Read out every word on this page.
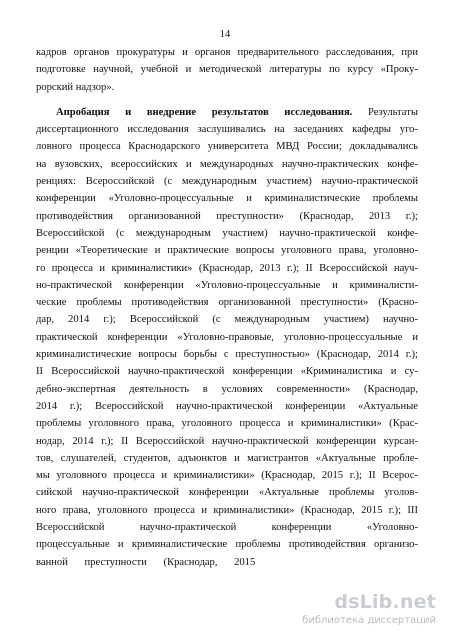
14
кадров органов прокуратуры и органов предварительного расследования, при
подготовке научной, учебной и методической литературы по курсу «Проку-
рорский надзор».
Апробация и внедрение результатов исследования. Результаты
диссертационного исследования заслушивались на заседаниях кафедры уго-
ловного процесса Краснодарского университета МВД России; докладывались
на вузовских, всероссийских и международных научно-практических конфе-
ренциях: Всероссийской (с международным участием) научно-практической
конференции «Уголовно-процессуальные и криминалистические проблемы
противодействия организованной преступности» (Краснодар, 2013 г.);
Всероссийской (с международным участием) научно-практической конфе-
ренции «Теоретические и практические вопросы уголовного права, уголовно-
го процесса и криминалистики» (Краснодар, 2013 г.); II Всероссийской науч-
но-практической конференции «Уголовно-процессуальные и криминалисти-
ческие проблемы противодействия организованной преступности» (Красно-
дар, 2014 г.); Всероссийской (с международным участием) научно-
практической конференции «Уголовно-правовые, уголовно-процессуальные и
криминалистические вопросы борьбы с преступностью» (Краснодар, 2014 г.);
II Всероссийской научно-практической конференции «Криминалистика и су-
дебно-экспертная деятельность в условиях современности» (Краснодар,
2014 г.); Всероссийской научно-практической конференции «Актуальные
проблемы уголовного права, уголовного процесса и криминалистики» (Крас-
нодар, 2014 г.); II Всероссийской научно-практической конференции курсан-
тов, слушателей, студентов, адъюнктов и магистрантов «Актуальные пробле-
мы уголовного процесса и криминалистики» (Краснодар, 2015 г.); II Всерос-
сийской научно-практической конференции «Актуальные проблемы уголов-
ного права, уголовного процесса и криминалистики» (Краснодар, 2015 г.); III
Всероссийской научно-практической конференции «Уголовно-
процессуальные и криминалистические проблемы противодействия организо-
ванной преступности (Краснодар, 2015
dsLib.net
библиотека диссертаций
